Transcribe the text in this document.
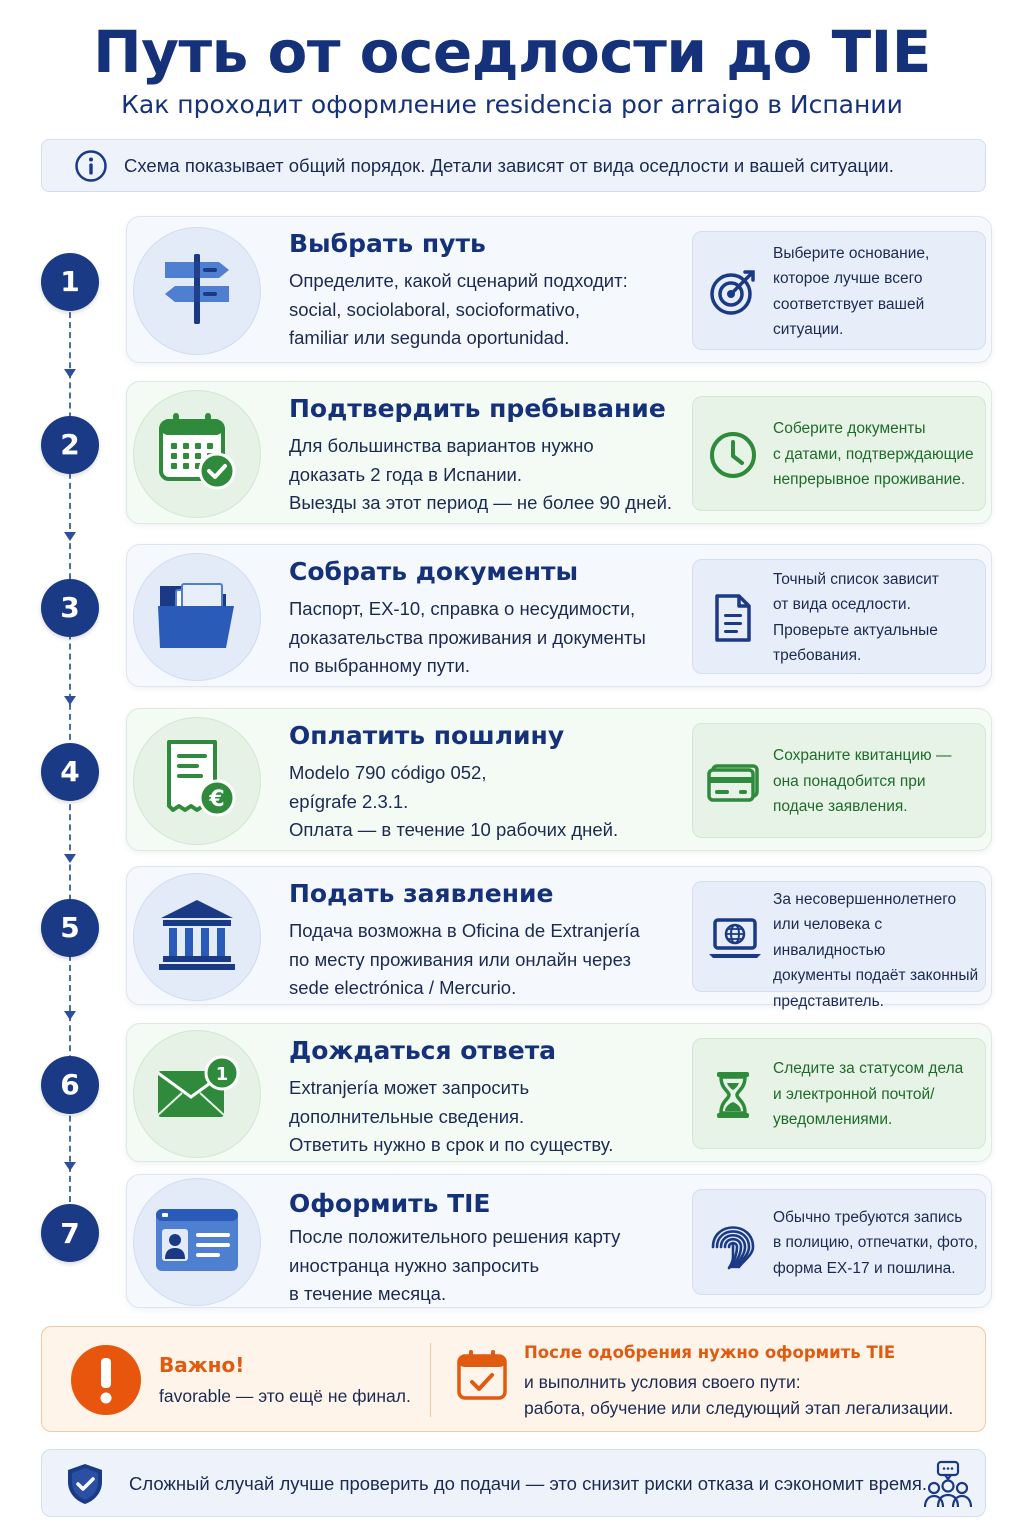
Путь от оседлости до TIE
Как проходит оформление residencia por arraigo в Испании
Схема показывает общий порядок. Детали зависят от вида оседлости и вашей ситуации.
1
Выбрать путь
Определите, какой сценарий подходит:
social, sociolaboral, socioformativo,
familiar или segunda oportunidad.
Выберите основание,
которое лучше всего
соответствует вашей
ситуации.
2
Подтвердить пребывание
Для большинства вариантов нужно
доказать 2 года в Испании.
Выезды за этот период — не более 90 дней.
Соберите документы
с датами, подтверждающие
непрерывное проживание.
3
Собрать документы
Паспорт, EX-10, справка о несудимости,
доказательства проживания и документы
по выбранному пути.
Точный список зависит
от вида оседлости.
Проверьте актуальные
требования.
4
€
Оплатить пошлину
Modelo 790 código 052,
epígrafe 2.3.1.
Оплата — в течение 10 рабочих дней.
Сохраните квитанцию —
она понадобится при
подаче заявления.
5
Подать заявление
Подача возможна в Oficina de Extranjería
по месту проживания или онлайн через
sede electrónica / Mercurio.
За несовершеннолетнего
или человека с инвалидностью
документы подаёт законный
представитель.
6	1
Дождаться ответа
Extranjería может запросить
дополнительные сведения.
Ответить нужно в срок и по существу.
Следите за статусом дела
и электронной почтой/
уведомлениями.
7
Оформить TIE
После положительного решения карту
иностранца нужно запросить
в течение месяца.
Обычно требуются запись
в полицию, отпечатки, фото,
форма EX-17 и пошлина.
Важно!
favorable — это ещё не финал.
После одобрения нужно оформить TIE
и выполнить условия своего пути:
работа, обучение или следующий этап легализации.
Сложный случай лучше проверить до подачи — это снизит риски отказа и сэкономит время.
